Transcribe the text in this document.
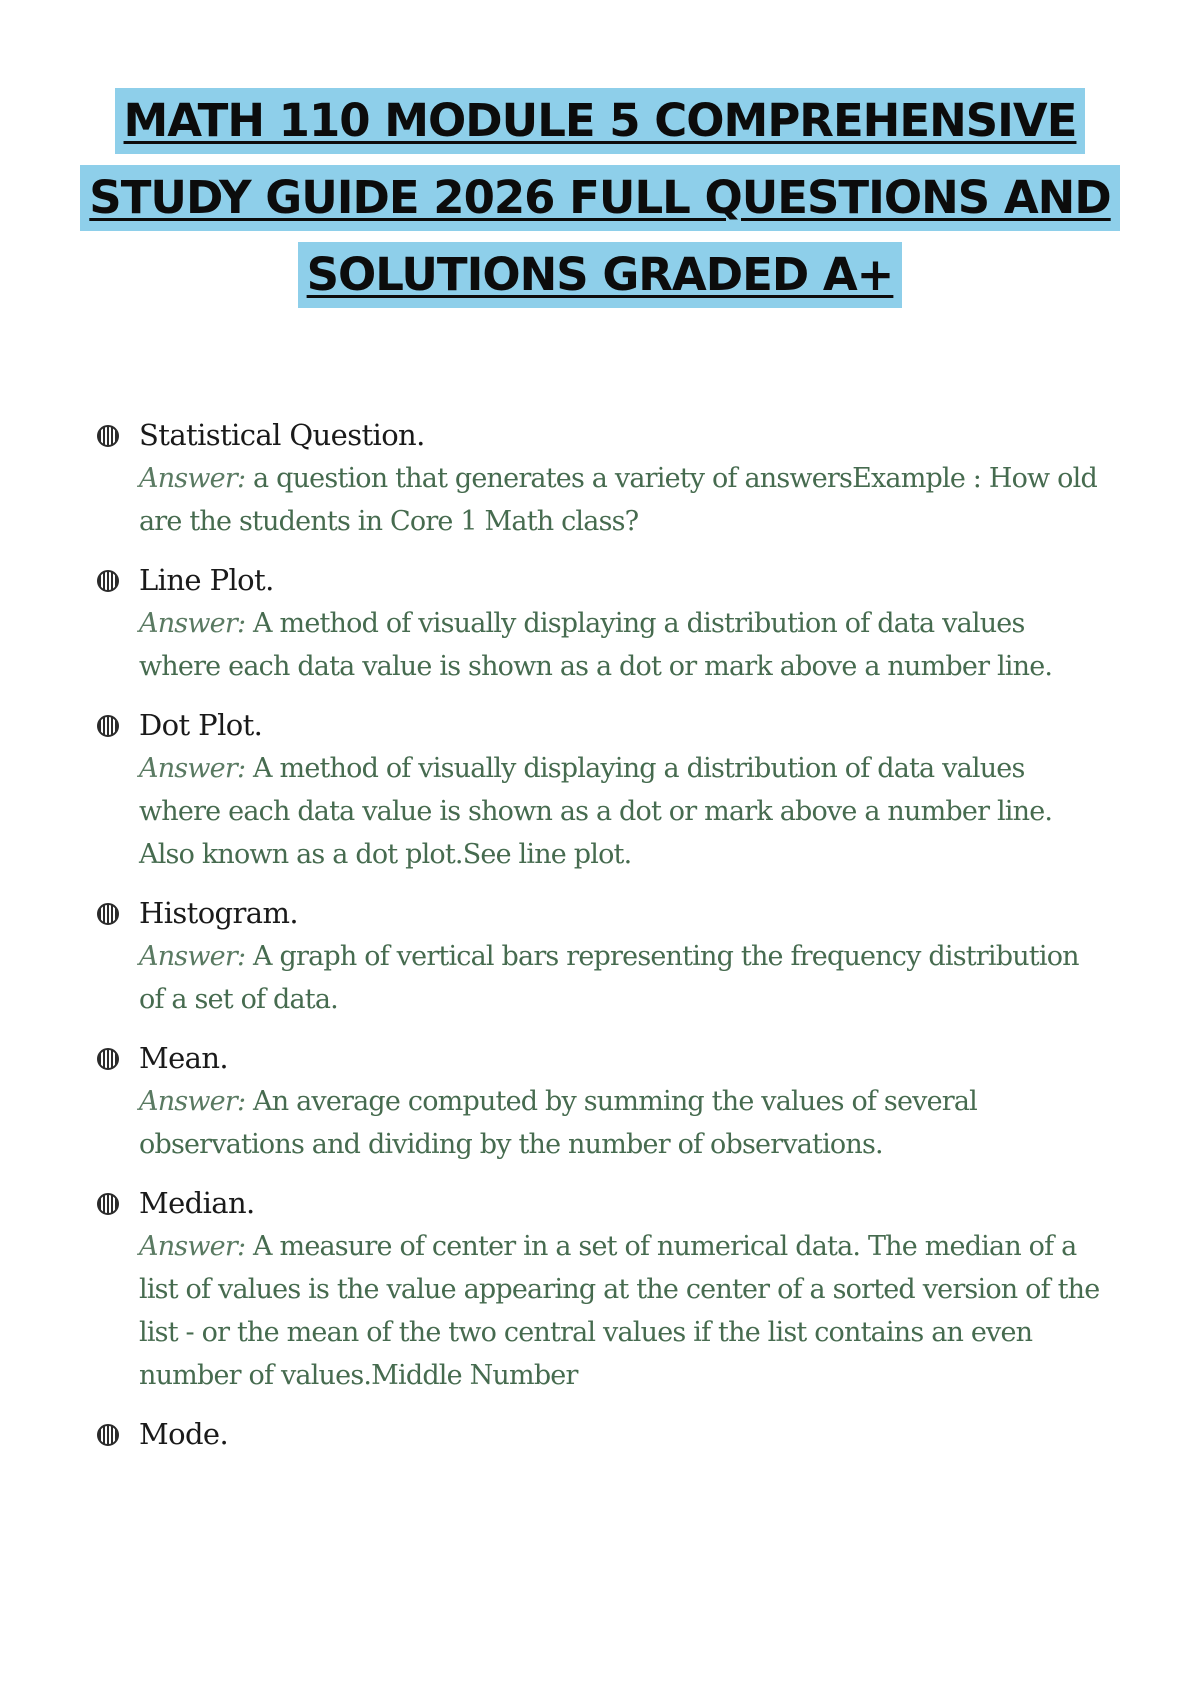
MATH 110 MODULE 5 COMPREHENSIVE
STUDY GUIDE 2026 FULL QUESTIONS AND
SOLUTIONS GRADED A+
Statistical Question.
Answer: a question that generates a variety of answersExample : How old are the students in Core 1 Math class?
Line Plot.
Answer: A method of visually displaying a distribution of data values where each data value is shown as a dot or mark above a number line.
Dot Plot.
Answer: A method of visually displaying a distribution of data values where each data value is shown as a dot or mark above a number line. Also known as a dot plot.See line plot.
Histogram.
Answer: A graph of vertical bars representing the frequency distribution of a set of data.
Mean.
Answer: An average computed by summing the values of several observations and dividing by the number of observations.
Median.
Answer: A measure of center in a set of numerical data. The median of a list of values is the value appearing at the center of a sorted version of the list - or the mean of the two central values if the list contains an even number of values.Middle Number
Mode.
